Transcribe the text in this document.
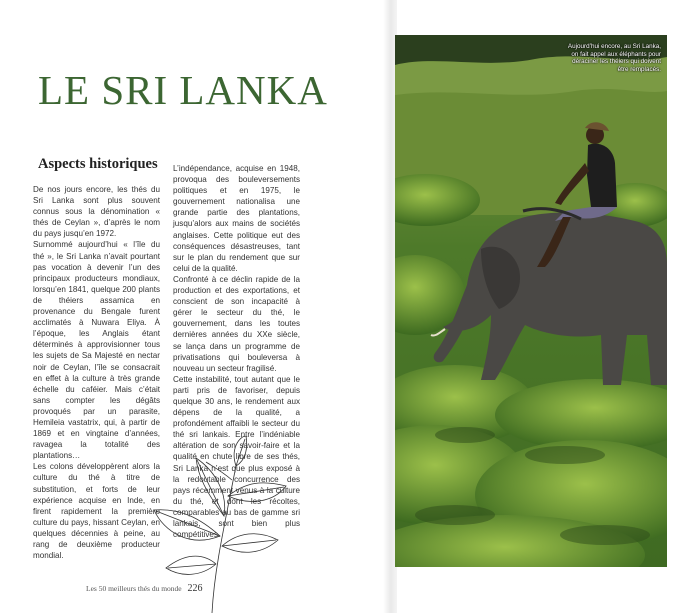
LE SRI LANKA
Aspects historiques

De nos jours encore, les thés du Sri Lanka sont plus souvent connus sous la dénomination « thés de Ceylan », d’après le nom du pays jusqu’en 1972.

Surnommé aujourd’hui « l’île du thé », le Sri Lanka n’avait pourtant pas vocation à devenir l’un des principaux producteurs mondiaux, lorsqu’en 1841, quelque 200 plants de théiers assamica en provenance du Bengale furent acclimatés à Nuwara Eliya. À l’époque, les Anglais étant déterminés à approvisionner tous les sujets de Sa Majesté en nectar noir de Ceylan, l’île se consacrait en effet à la culture à très grande échelle du caféier. Mais c’était sans compter les dégâts provoqués par un parasite, Hemileia vastatrix, qui, à partir de 1869 et en vingtaine d’années, ravagea la totalité des plantations…

Les colons développèrent alors la culture du thé à titre de substitution, et forts de leur expérience acquise en Inde, en firent rapidement la première culture du pays, hissant Ceylan, en quelques décennies à peine, au rang de deuxième producteur mondial.

L’indépendance, acquise en 1948, provoqua des bouleversements politiques et en 1975, le gouvernement nationalisa une grande partie des plantations, jusqu’alors aux mains de sociétés anglaises. Cette politique eut des conséquences désastreuses, tant sur le plan du rendement que sur celui de la qualité.

Confronté à ce déclin rapide de la production et des exportations, et conscient de son incapacité à gérer le secteur du thé, le gouvernement, dans les toutes dernières années du XXe siècle, se lança dans un programme de privatisations qui bouleversa à nouveau un secteur fragilisé.

Cette instabilité, tout autant que le parti pris de favoriser, depuis quelque 30 ans, le rendement aux dépens de la qualité, a profondément affaibli le secteur du thé sri lankais. Entre l’indéniable altération de son savoir-faire et la qualité en chute libre de ses thés, Sri Lanka n’est que plus exposé à la redoutable concurrence des pays récemment venus à la culture du thé, et dont les récoltes, comparables au bas de gamme sri lankais, sont bien plus compétitives.

Les 50 meilleurs thés du monde 226
Aujourd’hui encore, au Sri Lanka, on fait appel aux éléphants pour déraciner les théiers qui doivent être remplacés.
